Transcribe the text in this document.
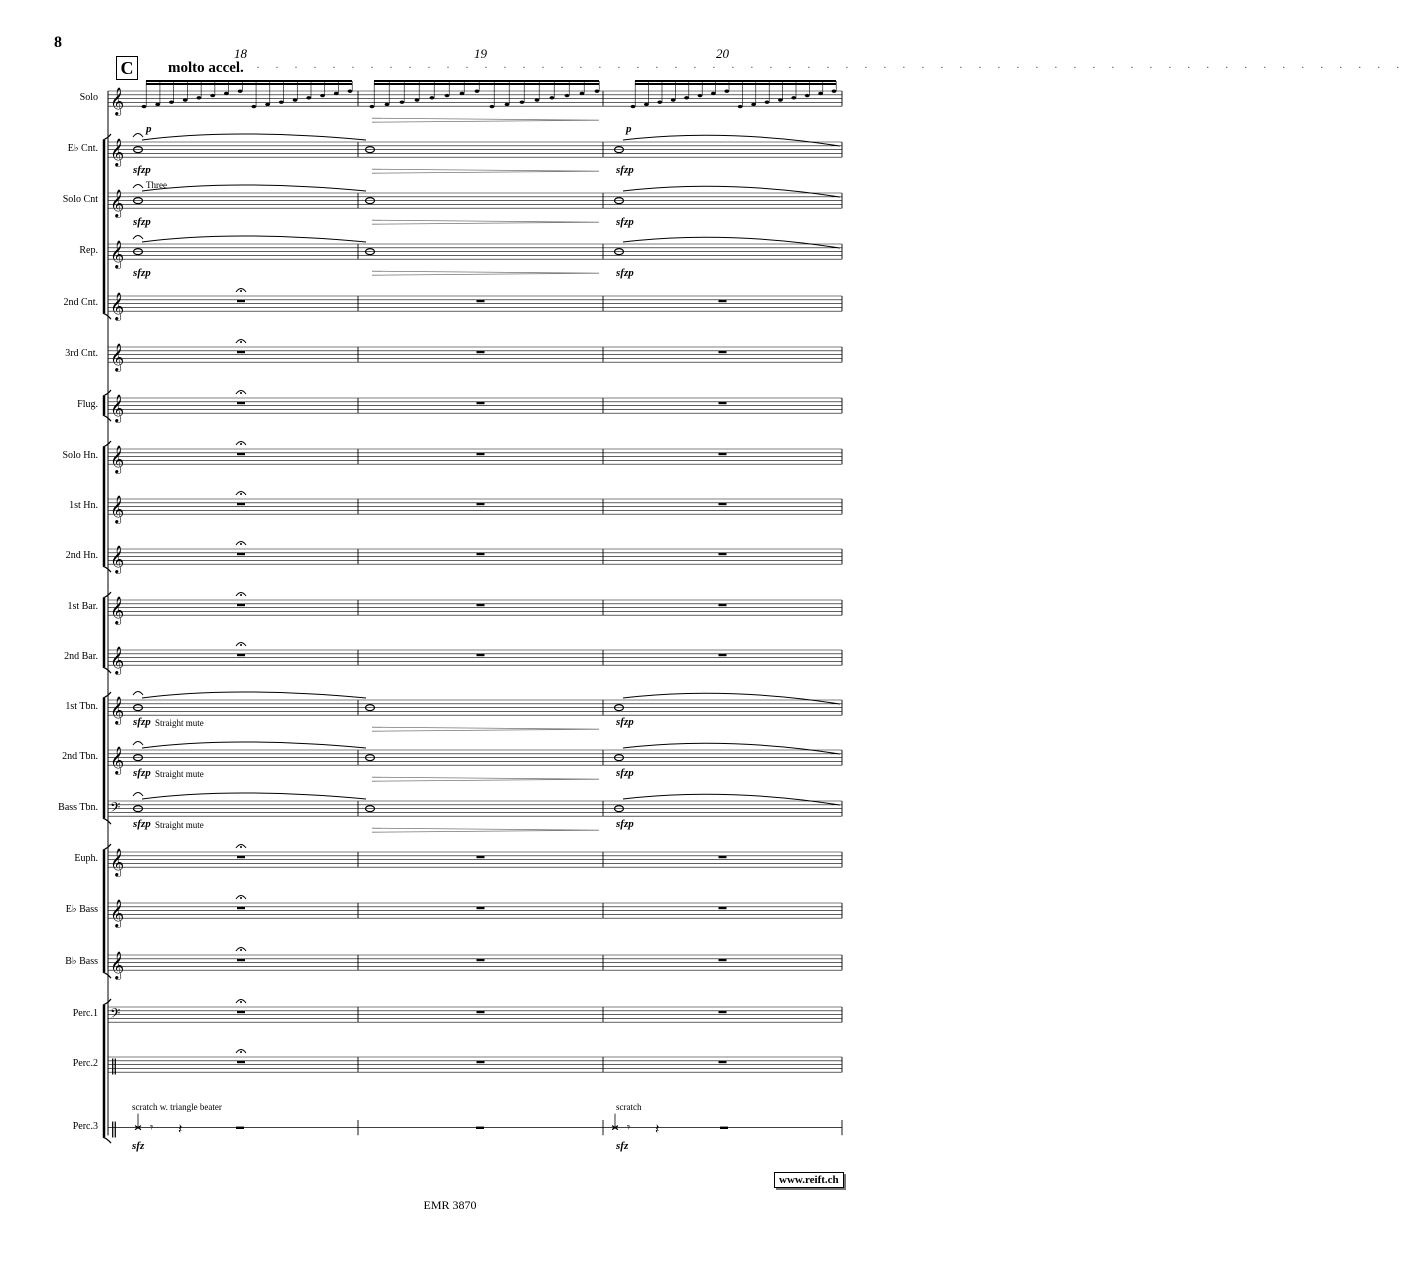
8
C	molto accel. · · · · · · · · · · · · · · · · · · · · · · · · · · · · · · · · · · · · · · · · · · · · · · · · · · · · · · · · · · · · ·
18	19	20
𝄞
𝄞
𝄞
𝄞
𝄞
𝄞
𝄞
𝄞
𝄞
𝄞
𝄞
𝄞
𝄞
𝄞
𝄢
𝄞
𝄞
𝄞
𝄢
‖
‖	𝄾 𝄽	𝄾 𝄽
Solo
E♭ Cnt.
Solo Cnt
Rep.
2nd Cnt.
3rd Cnt.
Flug.
Solo Hn.
1st Hn.
2nd Hn.
1st Bar.
2nd Bar.
1st Tbn.
2nd Tbn.
Bass Tbn.
Euph.
E♭ Bass
B♭ Bass
Perc.1
Perc.2
Perc.3
Three
Straight mute
Straight mute
Straight mute
scratch w. triangle beater	scratch
p	p
sfzp	sfzp
sfzp	sfzp
sfzp	sfzp
sfzp	sfzp
sfzp	sfzp
sfzp	sfzp
sfz	sfz
www.reift.ch
EMR 3870
